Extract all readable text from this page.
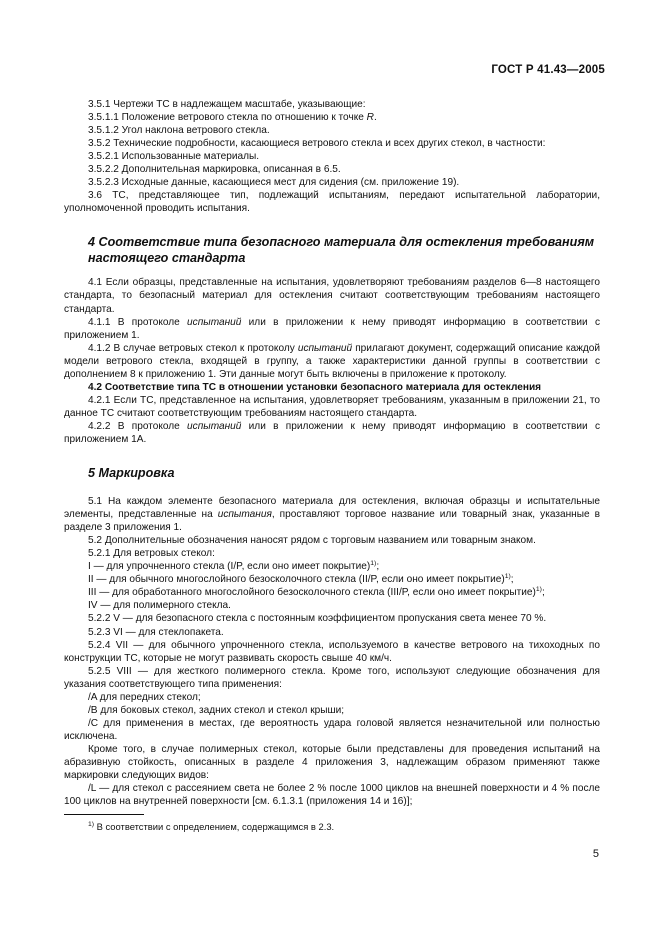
ГОСТ Р 41.43—2005

3.5.1 Чертежи ТС в надлежащем масштабе, указывающие:

3.5.1.1 Положение ветрового стекла по отношению к точке R.

3.5.1.2 Угол наклона ветрового стекла.

3.5.2 Технические подробности, касающиеся ветрового стекла и всех других стекол, в частности:

3.5.2.1 Использованные материалы.

3.5.2.2 Дополнительная маркировка, описанная в 6.5.

3.5.2.3 Исходные данные, касающиеся мест для сидения (см. приложение 19).

3.6 ТС, представляющее тип, подлежащий испытаниям, передают испытательной лаборатории, уполномоченной проводить испытания.

4 Соответствие типа безопасного материала для остекления требованиям настоящего стандарта

4.1 Если образцы, представленные на испытания, удовлетворяют требованиям разделов 6—8 настоящего стандарта, то безопасный материал для остекления считают соответствующим требованиям настоящего стандарта.

4.1.1 В протоколе испытаний или в приложении к нему приводят информацию в соответствии с приложением 1.

4.1.2 В случае ветровых стекол к протоколу испытаний прилагают документ, содержащий описание каждой модели ветрового стекла, входящей в группу, а также характеристики данной группы в соответствии с дополнением 8 к приложению 1. Эти данные могут быть включены в приложение к протоколу.

4.2 Соответствие типа ТС в отношении установки безопасного материала для остекления

4.2.1 Если ТС, представленное на испытания, удовлетворяет требованиям, указанным в приложении 21, то данное ТС считают соответствующим требованиям настоящего стандарта.

4.2.2 В протоколе испытаний или в приложении к нему приводят информацию в соответствии с приложением 1А.

5 Маркировка

5.1 На каждом элементе безопасного материала для остекления, включая образцы и испытательные элементы, представленные на испытания, проставляют торговое название или товарный знак, указанные в разделе 3 приложения 1.

5.2 Дополнительные обозначения наносят рядом с торговым названием или товарным знаком.

5.2.1 Для ветровых стекол:

I — для упрочненного стекла (I/P, если оно имеет покрытие)$^{1)}$;

II — для обычного многослойного безосколочного стекла (II/P, если оно имеет покрытие)$^{1)}$;

III — для обработанного многослойного безосколочного стекла (III/P, если оно имеет покрытие)$^{1)}$;

IV — для полимерного стекла.

5.2.2 V — для безопасного стекла с постоянным коэффициентом пропускания света менее 70 %.

5.2.3 VI — для стеклопакета.

5.2.4 VII — для обычного упрочненного стекла, используемого в качестве ветрового на тихоходных по конструкции ТС, которые не могут развивать скорость свыше 40 км/ч.

5.2.5 VIII — для жесткого полимерного стекла. Кроме того, используют следующие обозначения для указания соответствующего типа применения:

/A для передних стекол;

/B для боковых стекол, задних стекол и стекол крыши;

/C для применения в местах, где вероятность удара головой является незначительной или полностью исключена.

Кроме того, в случае полимерных стекол, которые были представлены для проведения испытаний на абразивную стойкость, описанных в разделе 4 приложения 3, надлежащим образом применяют также маркировки следующих видов:

/L — для стекол с рассеянием света не более 2 % после 1000 циклов на внешней поверхности и 4 % после 100 циклов на внутренней поверхности [см. 6.1.3.1 (приложения 14 и 16)];

$^{1)}$ В соответствии с определением, содержащимся в 2.3.

5
